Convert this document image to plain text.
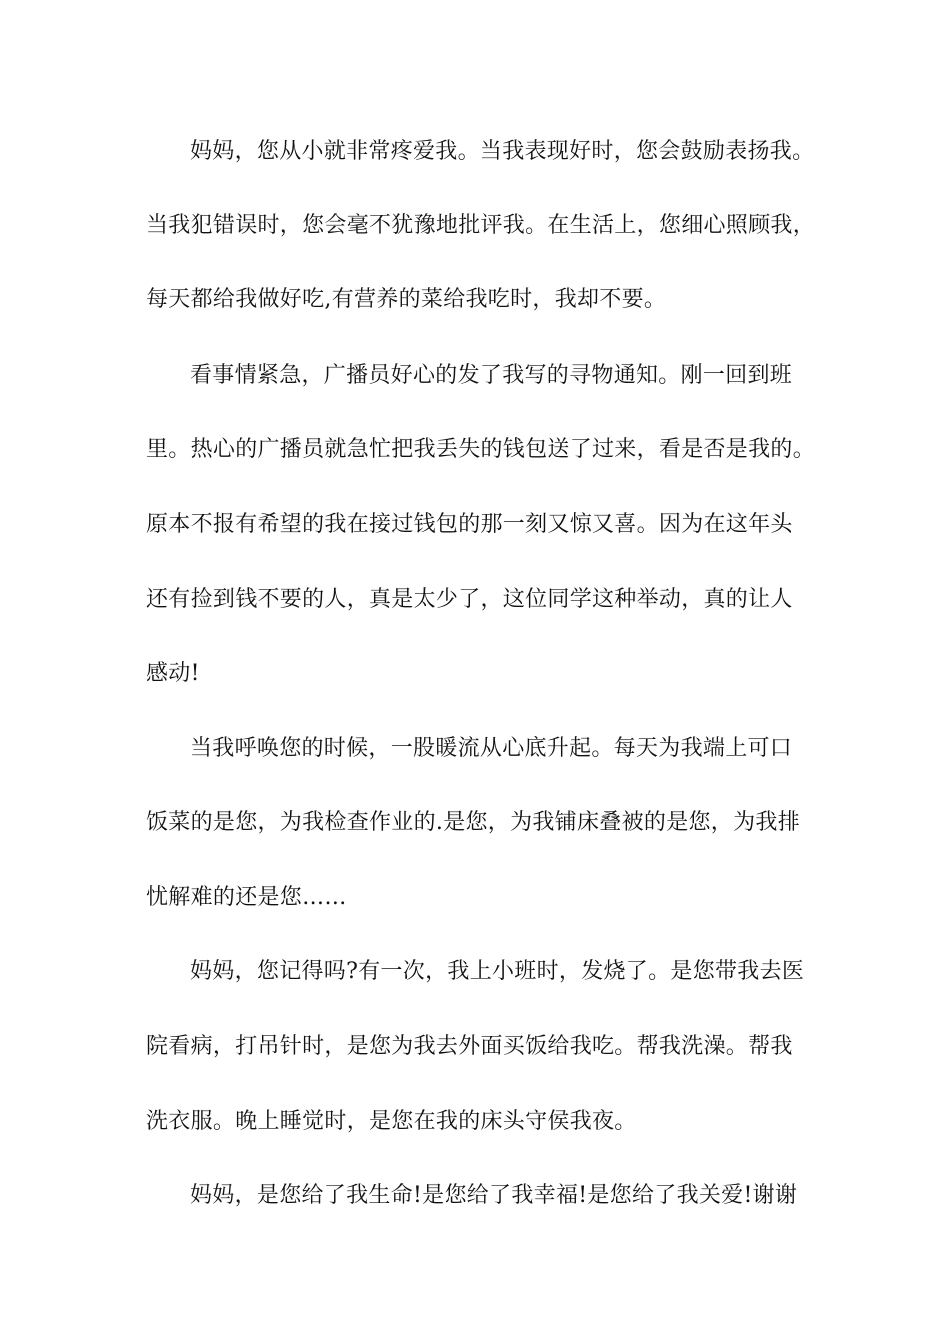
妈妈，您从小就非常疼爱我。当我表现好时，您会鼓励表扬我。
当我犯错误时，您会毫不犹豫地批评我。在生活上，您细心照顾我，
每天都给我做好吃,有营养的菜给我吃时，我却不要。
看事情紧急，广播员好心的发了我写的寻物通知。刚一回到班
里。热心的广播员就急忙把我丢失的钱包送了过来，看是否是我的。
原本不报有希望的我在接过钱包的那一刻又惊又喜。因为在这年头
还有捡到钱不要的人，真是太少了，这位同学这种举动，真的让人
感动!
当我呼唤您的时候，一股暖流从心底升起。每天为我端上可口
饭菜的是您，为我检查作业的.是您，为我铺床叠被的是您，为我排
忧解难的还是您……
妈妈，您记得吗?有一次，我上小班时，发烧了。是您带我去医
院看病，打吊针时，是您为我去外面买饭给我吃。帮我洗澡。帮我
洗衣服。晚上睡觉时，是您在我的床头守侯我夜。
妈妈，是您给了我生命!是您给了我幸福!是您给了我关爱!谢谢
